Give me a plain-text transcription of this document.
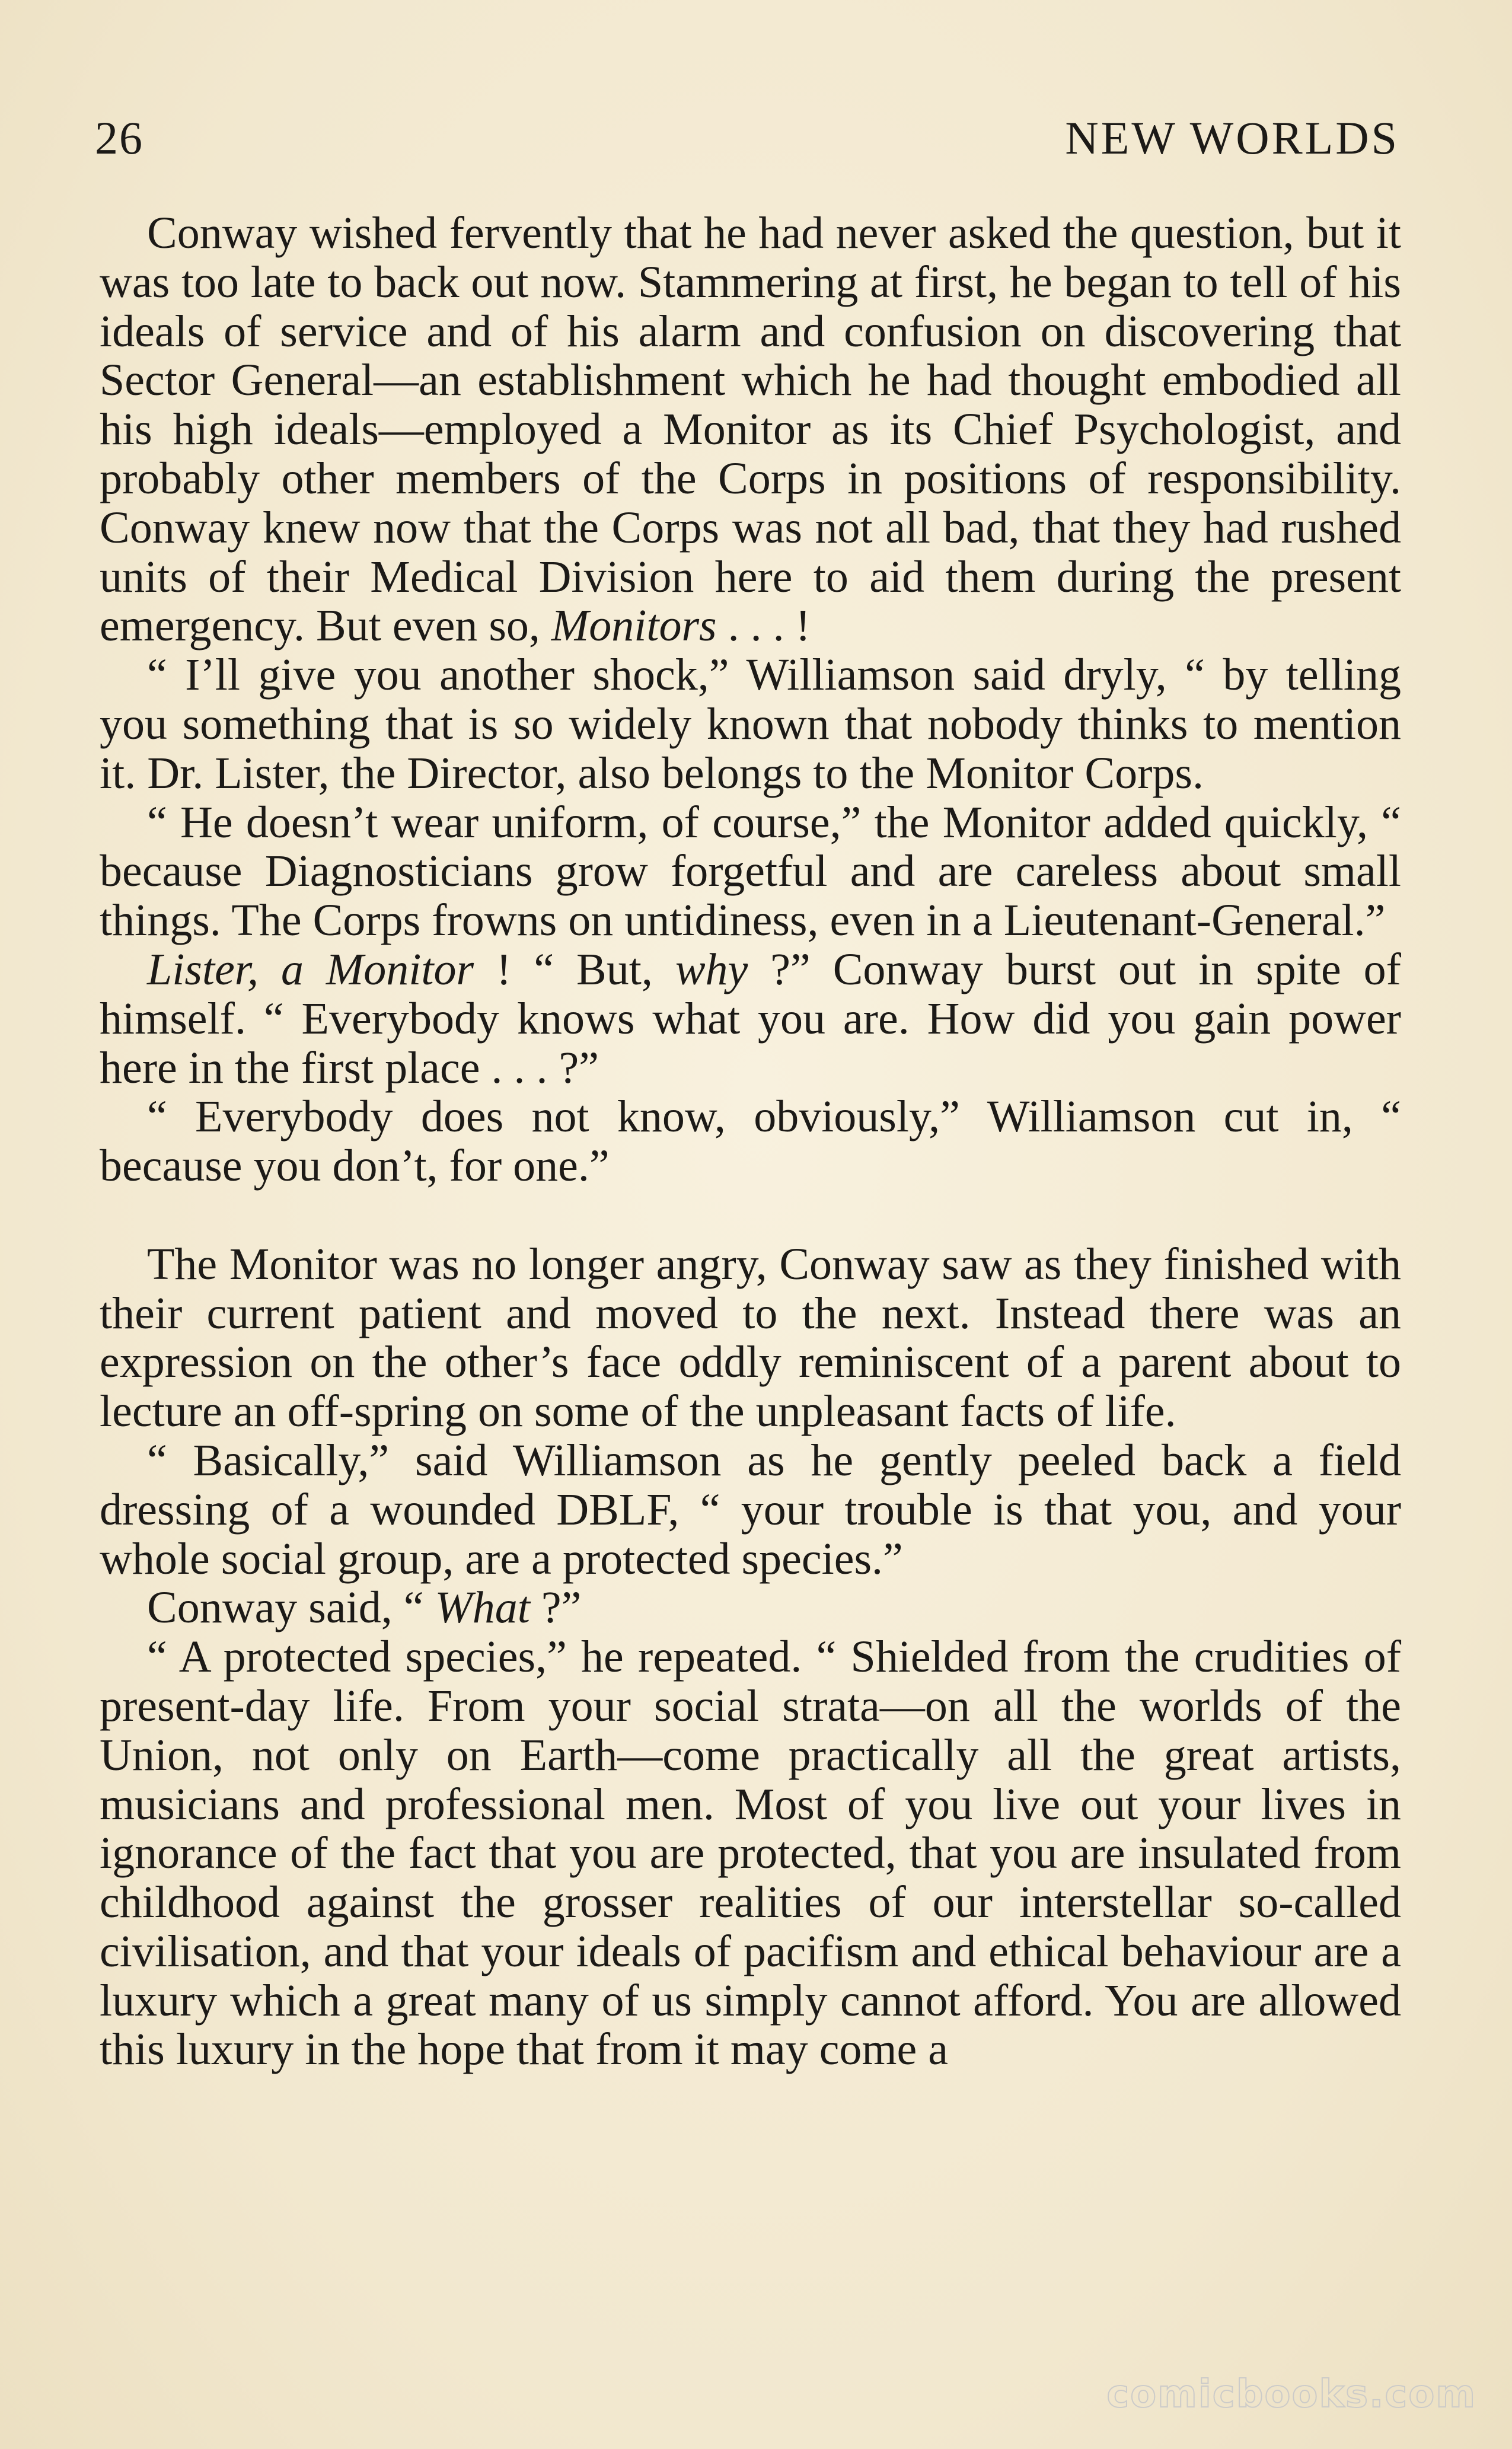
26	NEW WORLDS

Conway wished fervently that he had never asked the question, but it was too late to back out now. Stammering at first, he began to tell of his ideals of service and of his alarm and confusion on discovering that Sector General—an establishment which he had thought embodied all his high ideals—employed a Monitor as its Chief Psychologist, and probably other members of the Corps in positions of responsibility. Conway knew now that the Corps was not all bad, that they had rushed units of their Medical Division here to aid them during the present emergency. But even so, Monitors . . . !

“ I’ll give you another shock,” Williamson said dryly, “ by telling you something that is so widely known that nobody thinks to mention it. Dr. Lister, the Director, also belongs to the Monitor Corps.

“ He doesn’t wear uniform, of course,” the Monitor added quickly, “ because Diagnosticians grow forgetful and are careless about small things. The Corps frowns on untidiness, even in a Lieutenant-General.”

Lister, a Monitor ! “ But, why ?” Conway burst out in spite of himself. “ Everybody knows what you are. How did you gain power here in the first place . . . ?”

“ Everybody does not know, obviously,” Williamson cut in, “ because you don’t, for one.”

The Monitor was no longer angry, Conway saw as they finished with their current patient and moved to the next. Instead there was an expression on the other’s face oddly reminiscent of a parent about to lecture an off-spring on some of the unpleasant facts of life.

“ Basically,” said Williamson as he gently peeled back a field dressing of a wounded DBLF, “ your trouble is that you, and your whole social group, are a protected species.”

Conway said, “ What ?”

“ A protected species,” he repeated. “ Shielded from the crudities of present-day life. From your social strata—on all the worlds of the Union, not only on Earth—come practically all the great artists, musicians and professional men. Most of you live out your lives in ignorance of the fact that you are protected, that you are insulated from childhood against the grosser realities of our interstellar so-called civilisation, and that your ideals of pacifism and ethical behaviour are a luxury which a great many of us simply cannot afford. You are allowed this luxury in the hope that from it may come a

comicbooks.com
